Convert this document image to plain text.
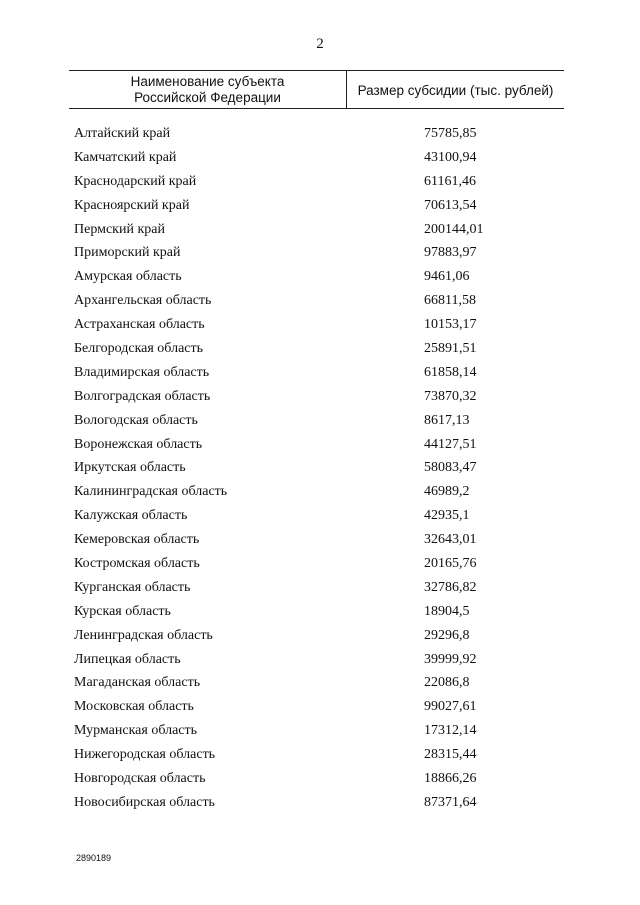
2
Наименование субъекта
Российской Федерации	Размер субсидии (тыс. рублей)
Алтайский край	75785,85
Камчатский край	43100,94
Краснодарский край	61161,46
Красноярский край	70613,54
Пермский край	200144,01
Приморский край	97883,97
Амурская область	9461,06
Архангельская область	66811,58
Астраханская область	10153,17
Белгородская область	25891,51
Владимирская область	61858,14
Волгоградская область	73870,32
Вологодская область	8617,13
Воронежская область	44127,51
Иркутская область	58083,47
Калининградская область	46989,2
Калужская область	42935,1
Кемеровская область	32643,01
Костромская область	20165,76
Курганская область	32786,82
Курская область	18904,5
Ленинградская область	29296,8
Липецкая область	39999,92
Магаданская область	22086,8
Московская область	99027,61
Мурманская область	17312,14
Нижегородская область	28315,44
Новгородская область	18866,26
Новосибирская область	87371,64
2890189
